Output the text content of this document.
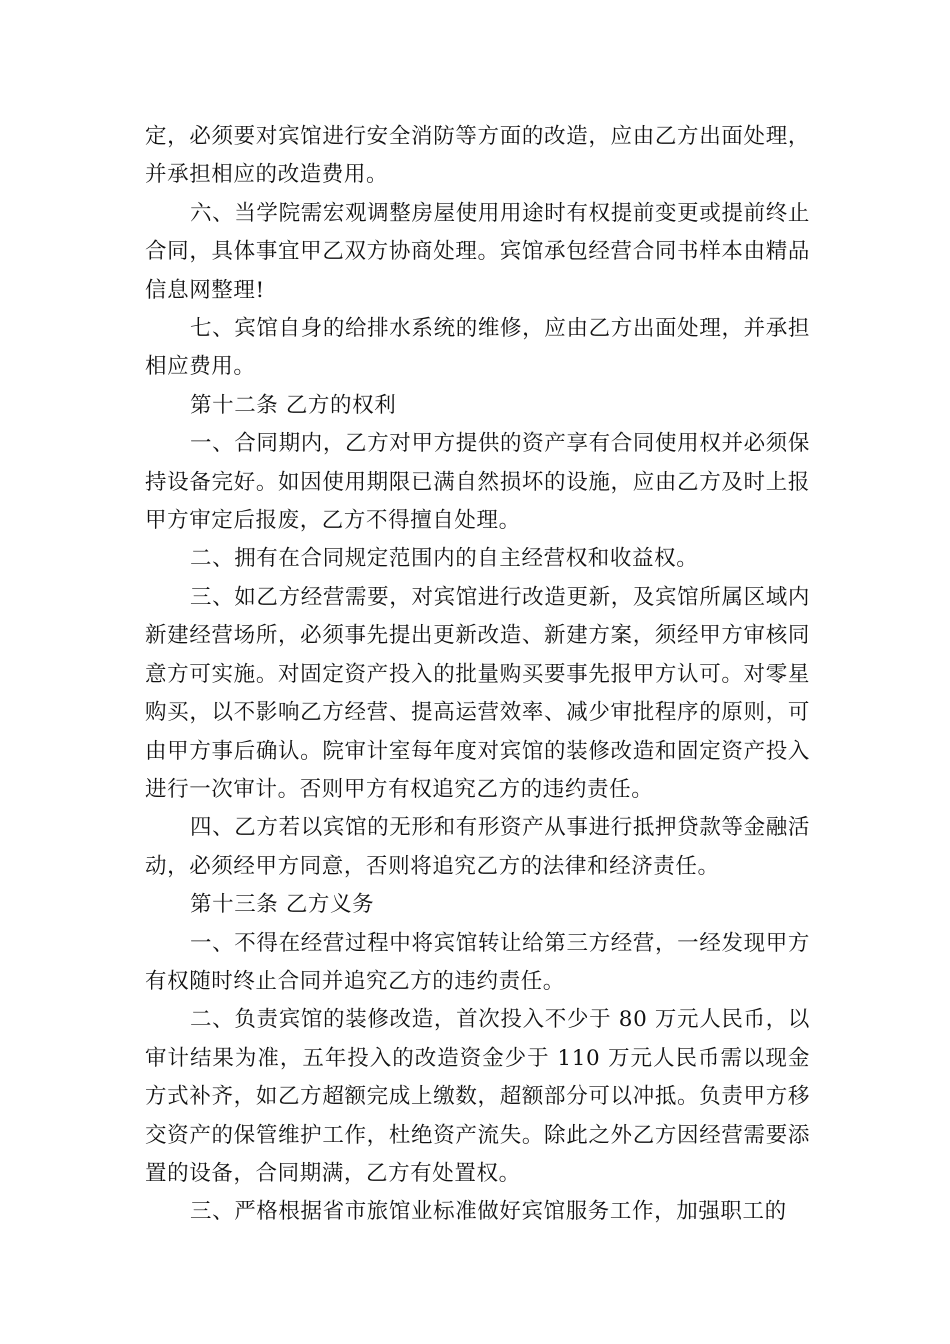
定，必须要对宾馆进行安全消防等方面的改造，应由乙方出面处理，并承担相应的改造费用。

六、当学院需宏观调整房屋使用用途时有权提前变更或提前终止合同，具体事宜甲乙双方协商处理。宾馆承包经营合同书样本由精品信息网整理!

七、宾馆自身的给排水系统的维修，应由乙方出面处理，并承担相应费用。

第十二条 乙方的权利

一、合同期内，乙方对甲方提供的资产享有合同使用权并必须保持设备完好。如因使用期限已满自然损坏的设施，应由乙方及时上报甲方审定后报废，乙方不得擅自处理。

二、拥有在合同规定范围内的自主经营权和收益权。

三、如乙方经营需要，对宾馆进行改造更新，及宾馆所属区域内新建经营场所，必须事先提出更新改造、新建方案，须经甲方审核同意方可实施。对固定资产投入的批量购买要事先报甲方认可。对零星购买，以不影响乙方经营、提高运营效率、减少审批程序的原则，可由甲方事后确认。院审计室每年度对宾馆的装修改造和固定资产投入进行一次审计。否则甲方有权追究乙方的违约责任。

四、乙方若以宾馆的无形和有形资产从事进行抵押贷款等金融活动，必须经甲方同意，否则将追究乙方的法律和经济责任。

第十三条 乙方义务

一、不得在经营过程中将宾馆转让给第三方经营，一经发现甲方有权随时终止合同并追究乙方的违约责任。

二、负责宾馆的装修改造，首次投入不少于 80 万元人民币，以审计结果为准，五年投入的改造资金少于 110 万元人民币需以现金方式补齐，如乙方超额完成上缴数，超额部分可以冲抵。负责甲方移交资产的保管维护工作，杜绝资产流失。除此之外乙方因经营需要添置的设备，合同期满，乙方有处置权。

三、严格根据省市旅馆业标准做好宾馆服务工作，加强职工的
